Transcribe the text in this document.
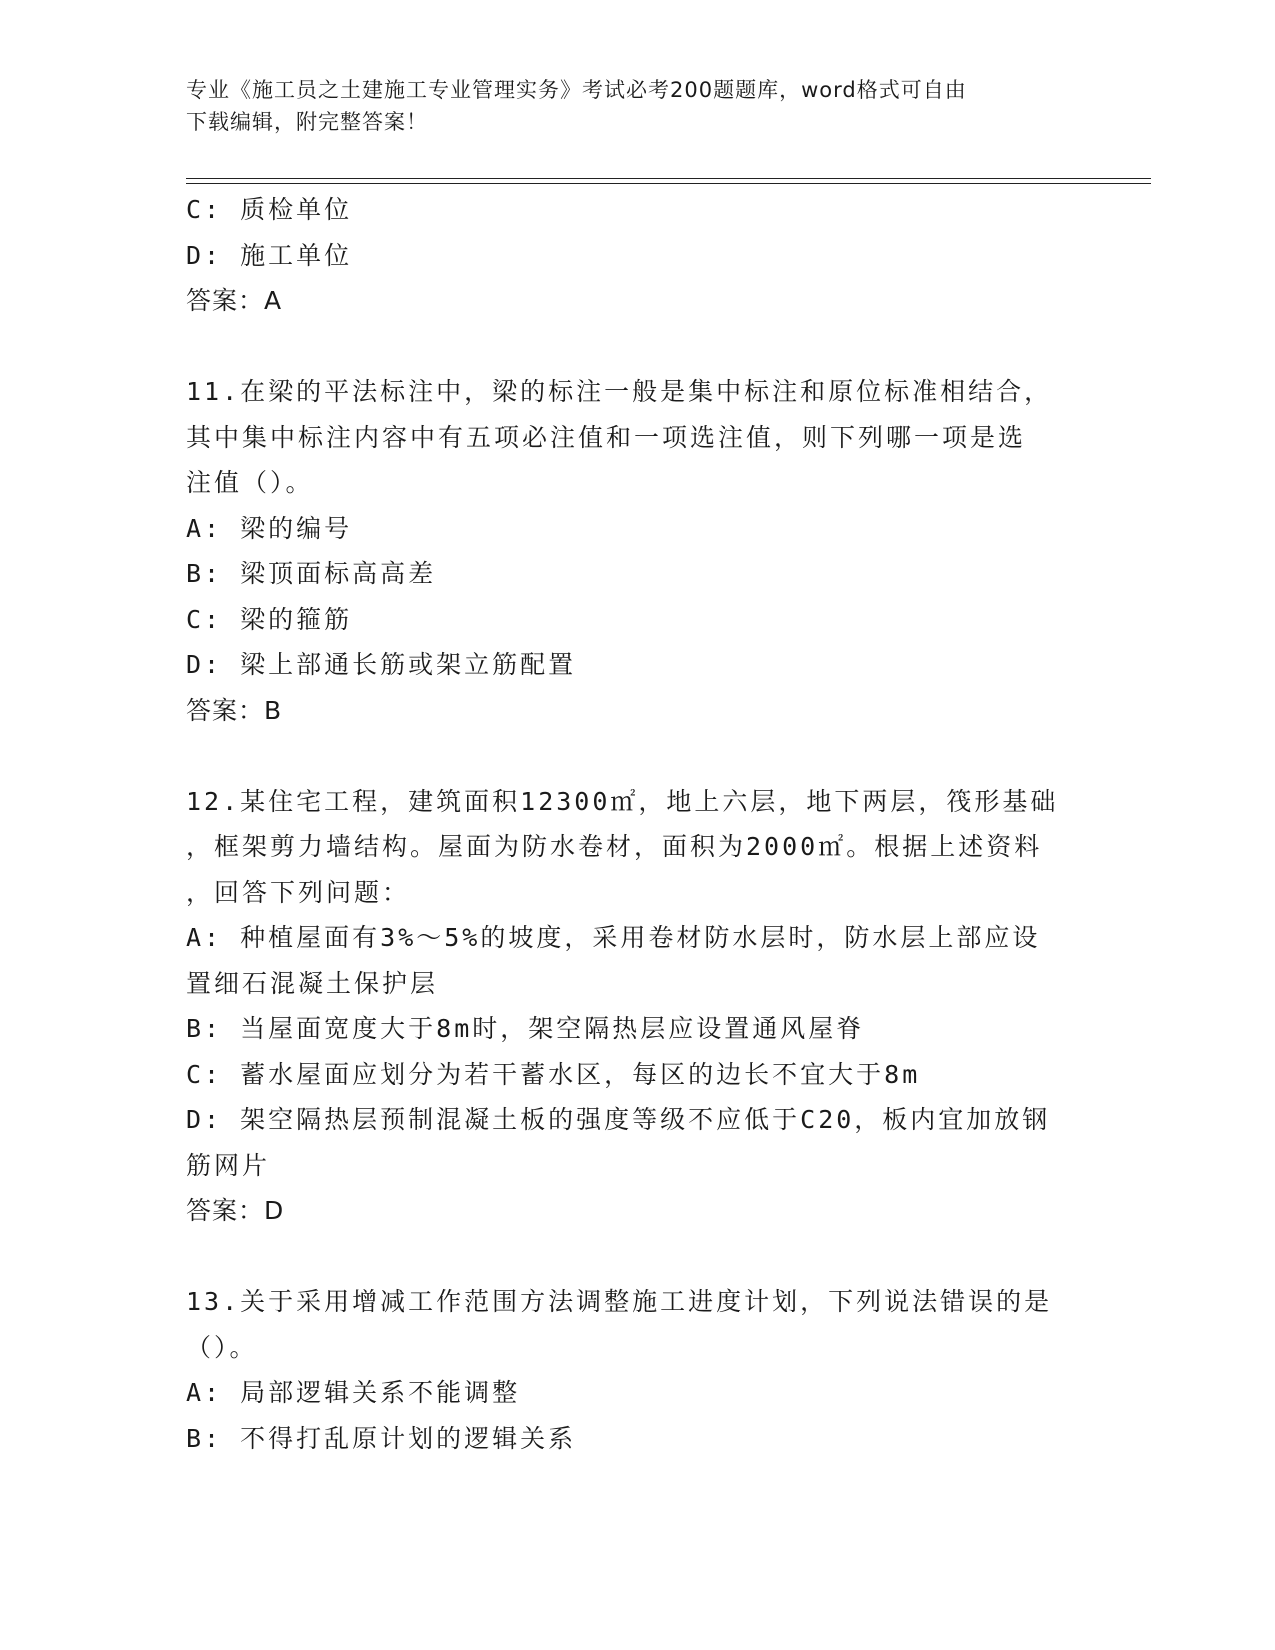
专业《施工员之土建施工专业管理实务》考试必考200题题库，word格式可自由
下载编辑，附完整答案！

C: 质检单位

D: 施工单位

答案：A

11.在梁的平法标注中，梁的标注一般是集中标注和原位标准相结合，

其中集中标注内容中有五项必注值和一项选注值，则下列哪一项是选

注值（）。

A: 梁的编号

B: 梁顶面标高高差

C: 梁的箍筋

D: 梁上部通长筋或架立筋配置

答案：B

12.某住宅工程，建筑面积12300㎡，地上六层，地下两层，筏形基础

，框架剪力墙结构。屋面为防水卷材，面积为2000㎡。根据上述资料

，回答下列问题：

A: 种植屋面有3%～5%的坡度，采用卷材防水层时，防水层上部应设

置细石混凝土保护层

B: 当屋面宽度大于8m时，架空隔热层应设置通风屋脊

C: 蓄水屋面应划分为若干蓄水区，每区的边长不宜大于8m

D: 架空隔热层预制混凝土板的强度等级不应低于C20，板内宜加放钢

筋网片

答案：D

13.关于采用增减工作范围方法调整施工进度计划，下列说法错误的是

（）。

A: 局部逻辑关系不能调整

B: 不得打乱原计划的逻辑关系
